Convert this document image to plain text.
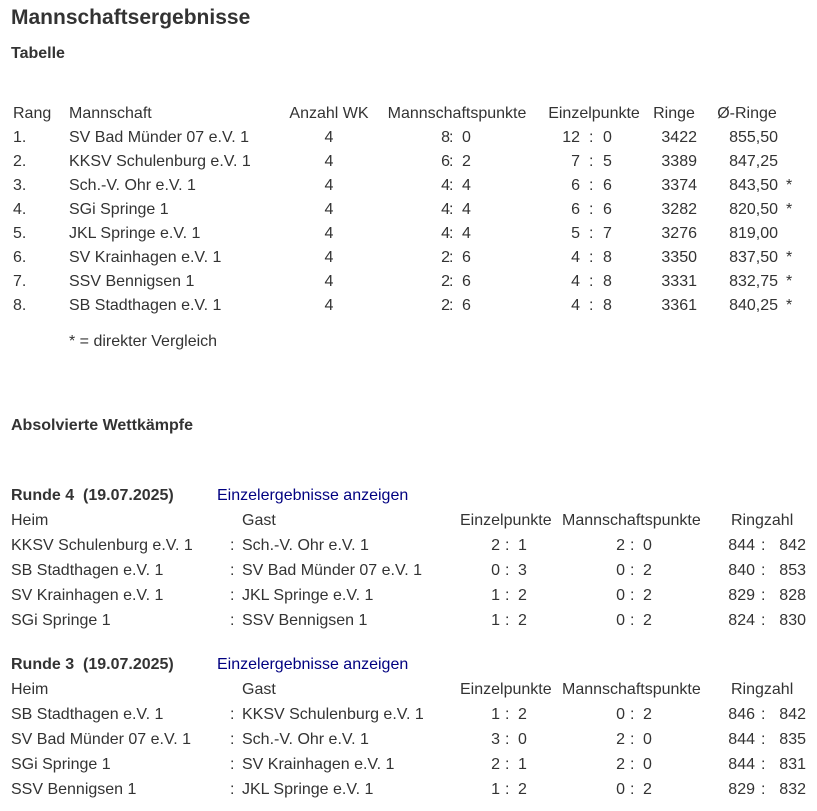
Mannschaftsergebnisse
Tabelle
Rang Mannschaft	Anzahl WK Mannschaftspunkte Einzelpunkte Ringe Ø-Ringe
1.	SV Bad Münder 07 e.V. 1	4	8 : 0	12 : 0	3422	855,50
2.	KKSV Schulenburg e.V. 1	4	6 : 2	7 : 5	3389	847,25
3.	Sch.-V. Ohr e.V. 1	4	4 : 4	6 : 6	3374	843,50 *
4.	SGi Springe 1	4	4 : 4	6 : 6	3282	820,50 *
5.	JKL Springe e.V. 1	4	4 : 4	5 : 7	3276	819,00
6.	SV Krainhagen e.V. 1	4	2 : 6	4 : 8	3350	837,50 *
7.	SSV Bennigsen 1	4	2 : 6	4 : 8	3331	832,75 *
8.	SB Stadthagen e.V. 1	4	2 : 6	4 : 8	3361	840,25 *
* = direkter Vergleich
Absolvierte Wettkämpfe
Runde 4  (19.07.2025)	Einzelergebnisse anzeigen
Heim	Gast	Einzelpunkte Mannschaftspunkte Ringzahl
KKSV Schulenburg e.V. 1 : Sch.-V. Ohr e.V. 1	2 : 1	2 : 0	844 : 842
SB Stadthagen e.V. 1	: SV Bad Münder 07 e.V. 1	0 : 3	0 : 2	840 : 853
SV Krainhagen e.V. 1	: JKL Springe e.V. 1	1 : 2	0 : 2	829 : 828
SGi Springe 1	: SSV Bennigsen 1	1 : 2	0 : 2	824 : 830
Runde 3  (19.07.2025)	Einzelergebnisse anzeigen
Heim	Gast	Einzelpunkte Mannschaftspunkte Ringzahl
SB Stadthagen e.V. 1	: KKSV Schulenburg e.V. 1	1 : 2	0 : 2	846 : 842
SV Bad Münder 07 e.V. 1 : Sch.-V. Ohr e.V. 1	3 : 0	2 : 0	844 : 835
SGi Springe 1	: SV Krainhagen e.V. 1	2 : 1	2 : 0	844 : 831
SSV Bennigsen 1	: JKL Springe e.V. 1	1 : 2	0 : 2	829 : 832
